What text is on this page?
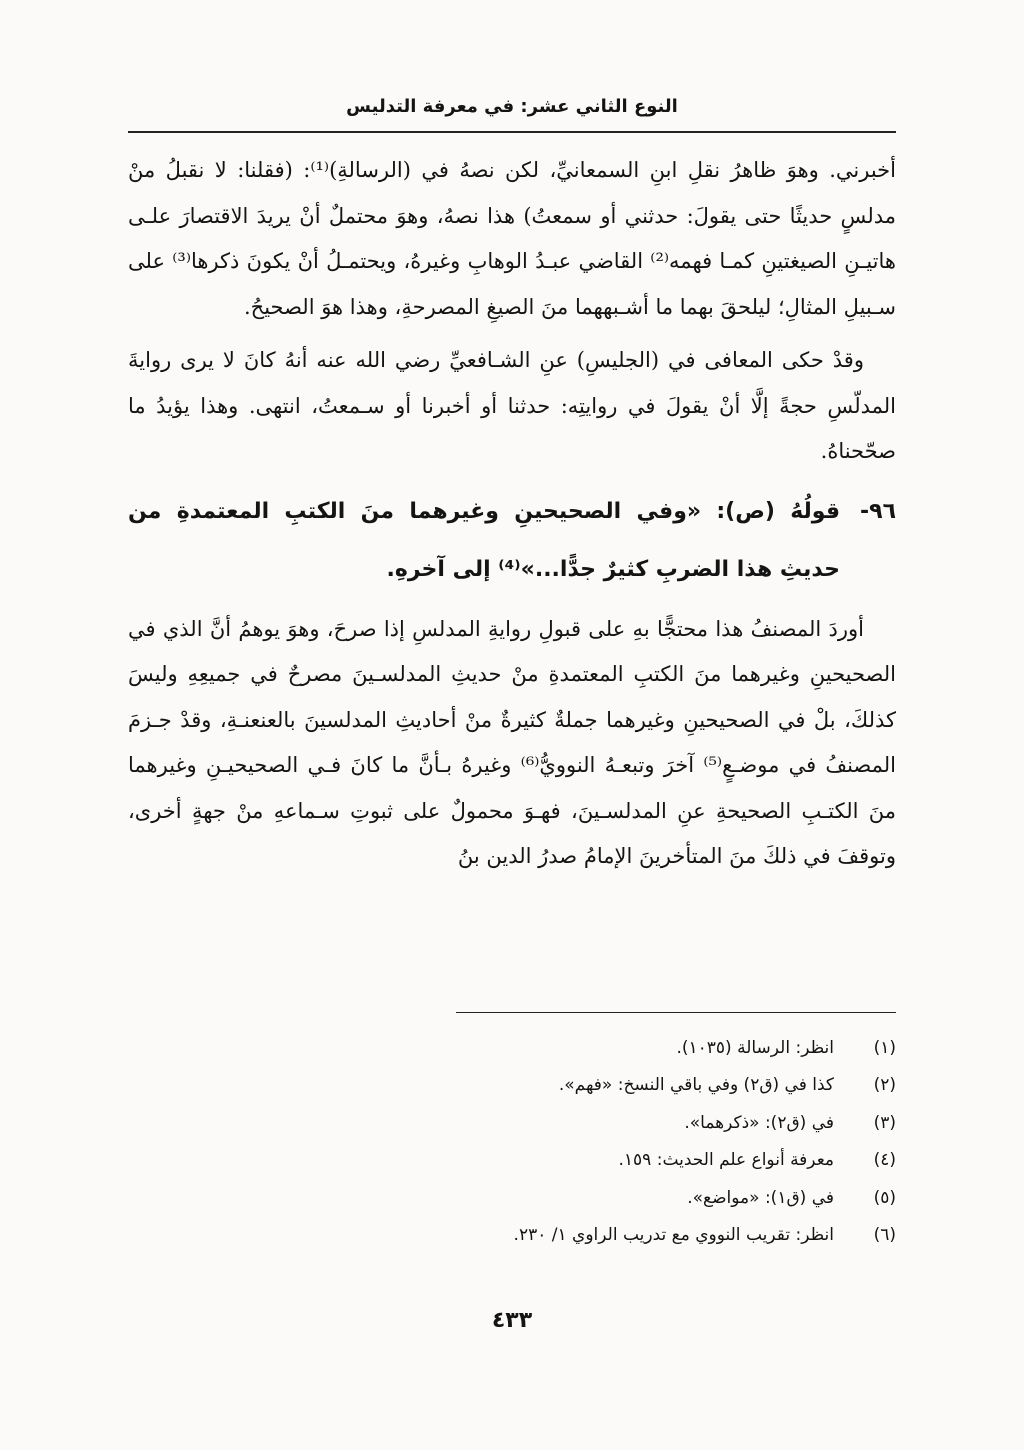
النوع الثاني عشر: في معرفة التدليس

أخبرني. وهوَ ظاهرُ نقلِ ابنِ السمعانيِّ، لكن نصهُ في (الرسالةِ)⁽¹⁾: (فقلنا: لا نقبلُ منْ مدلسٍ حديثًا حتى يقولَ: حدثني أو سمعتُ) هذا نصهُ، وهوَ محتملٌ أنْ يريدَ الاقتصارَ علـى هاتيـنِ الصيغتينِ كمـا فهمه⁽²⁾ القاضي عبـدُ الوهابِ وغيرهُ، ويحتمـلُ أنْ يكونَ ذكرها⁽³⁾ على سـبيلِ المثالِ؛ ليلحقَ بهما ما أشـبههما منَ الصيغِ المصرحةِ، وهذا هوَ الصحيحُ.

وقدْ حكى المعافى في (الجليسِ) عنِ الشـافعيِّ رضي الله عنه أنهُ كانَ لا يرى روايةَ المدلّسِ حجةً إلَّا أنْ يقولَ في روايتِه: حدثنا أو أخبرنا أو سـمعتُ، انتهى. وهذا يؤيدُ ما صحّحناهُ.

٩٦-
قولُهُ (ص): «وفي الصحيحينِ وغيرهما منَ الكتبِ المعتمدةِ من حديثِ هذا الضربِ كثيرٌ جدًّا...»⁽⁴⁾ إلى آخرهِ.

أوردَ المصنفُ هذا محتجًّا بهِ على قبولِ روايةِ المدلسِ إذا صرحَ، وهوَ يوهمُ أنَّ الذي في الصحيحينِ وغيرهما منَ الكتبِ المعتمدةِ منْ حديثِ المدلسـينَ مصرحٌ في جميعِهِ وليسَ كذلكَ، بلْ في الصحيحينِ وغيرهما جملةٌ كثيرةٌ منْ أحاديثِ المدلسينَ بالعنعنـةِ، وقدْ جـزمَ المصنفُ في موضـعٍ⁽⁵⁾ آخرَ وتبعـهُ النوويُّ⁽⁶⁾ وغيرهُ بـأنَّ ما كانَ فـي الصحيحيـنِ وغيرهما منَ الكتـبِ الصحيحةِ عنِ المدلسـينَ، فهـوَ محمولٌ على ثبوتِ سـماعهِ منْ جهةٍ أخرى، وتوقفَ في ذلكَ منَ المتأخرينَ الإمامُ صدرُ الدين بنُ

(١)
انظر: الرسالة (١٠٣٥).
(٢)
كذا في (ق٢) وفي باقي النسخ: «فهم».
(٣)
في (ق٢): «ذكرهما».
(٤)
معرفة أنواع علم الحديث: ١٥٩.
(٥)
في (ق١): «مواضع».
(٦)
انظر: تقريب النووي مع تدريب الراوي ١/ ٢٣٠.
٤٣٣
